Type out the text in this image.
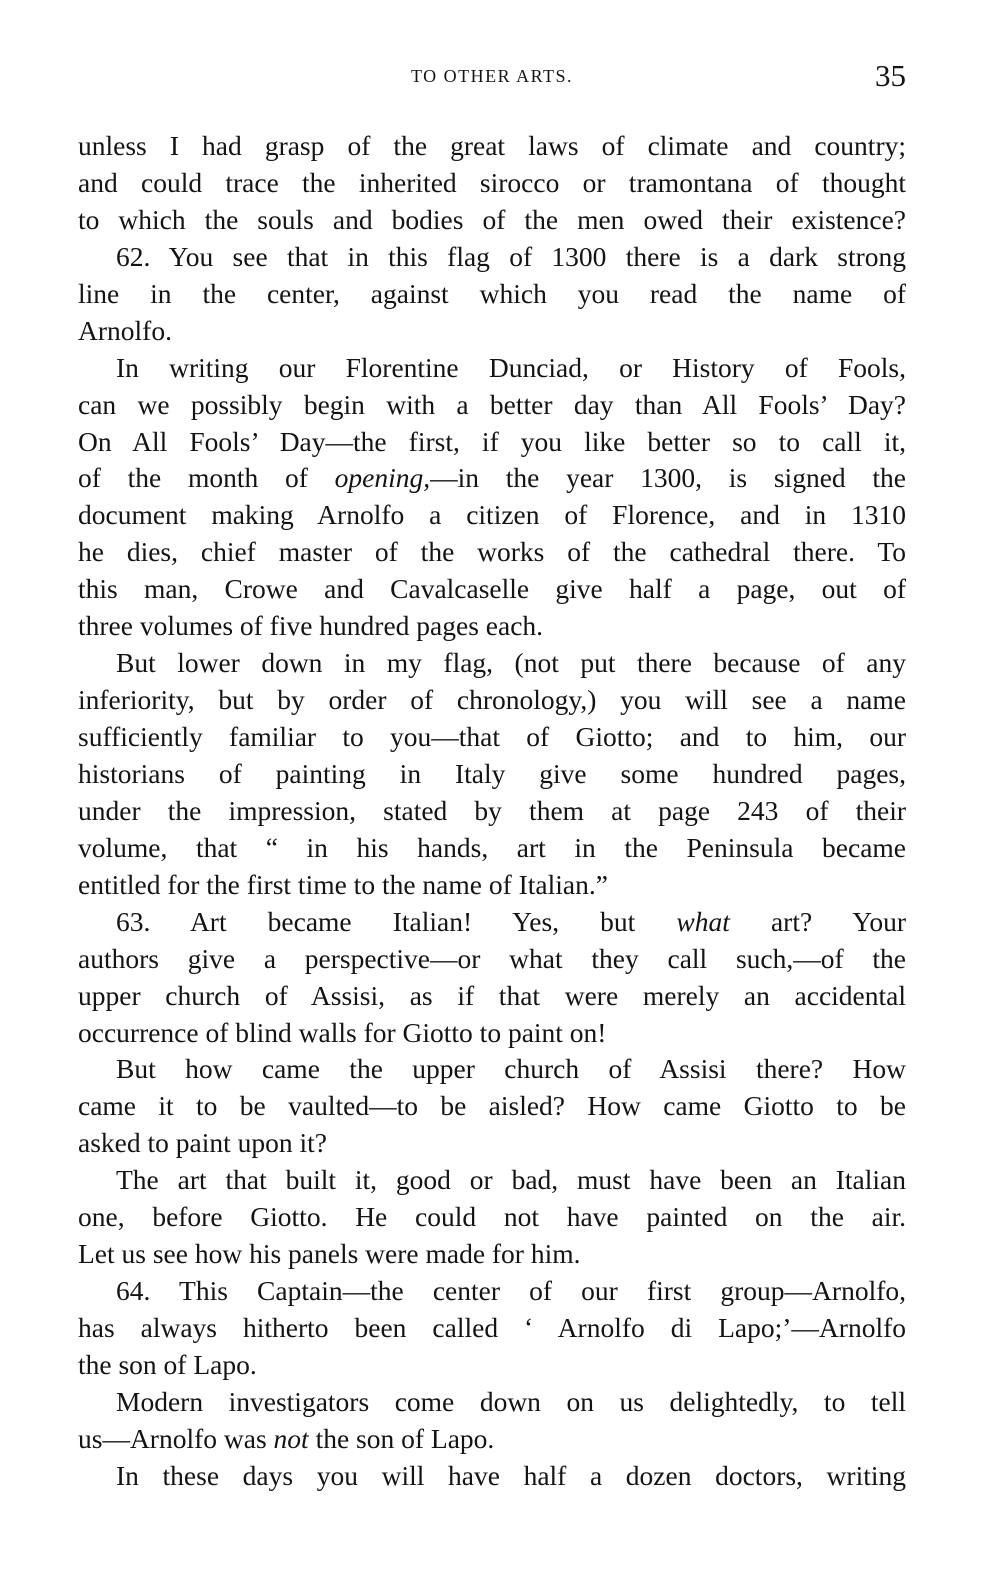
TO OTHER ARTS.	35
unless I had grasp of the great laws of climate and country;
and could trace the inherited sirocco or tramontana of thought
to which the souls and bodies of the men owed their existence?
62. You see that in this flag of 1300 there is a dark strong
line in the center, against which you read the name of
Arnolfo.
In writing our Florentine Dunciad, or History of Fools,
can we possibly begin with a better day than All Fools’ Day?
On All Fools’ Day—the first, if you like better so to call it,
of the month of opening,—in the year 1300, is signed the
document making Arnolfo a citizen of Florence, and in 1310
he dies, chief master of the works of the cathedral there. To
this man, Crowe and Cavalcaselle give half a page, out of
three volumes of five hundred pages each.
But lower down in my flag, (not put there because of any
inferiority, but by order of chronology,) you will see a name
sufficiently familiar to you—that of Giotto; and to him, our
historians of painting in Italy give some hundred pages,
under the impression, stated by them at page 243 of their
volume, that “ in his hands, art in the Peninsula became
entitled for the first time to the name of Italian.”
63. Art became Italian! Yes, but what art? Your
authors give a perspective—or what they call such,—of the
upper church of Assisi, as if that were merely an accidental
occurrence of blind walls for Giotto to paint on!
But how came the upper church of Assisi there? How
came it to be vaulted—to be aisled? How came Giotto to be
asked to paint upon it?
The art that built it, good or bad, must have been an Italian
one, before Giotto. He could not have painted on the air.
Let us see how his panels were made for him.
64. This Captain—the center of our first group—Arnolfo,
has always hitherto been called ‘ Arnolfo di Lapo;’—Arnolfo
the son of Lapo.
Modern investigators come down on us delightedly, to tell
us—Arnolfo was not the son of Lapo.
In these days you will have half a dozen doctors, writing
